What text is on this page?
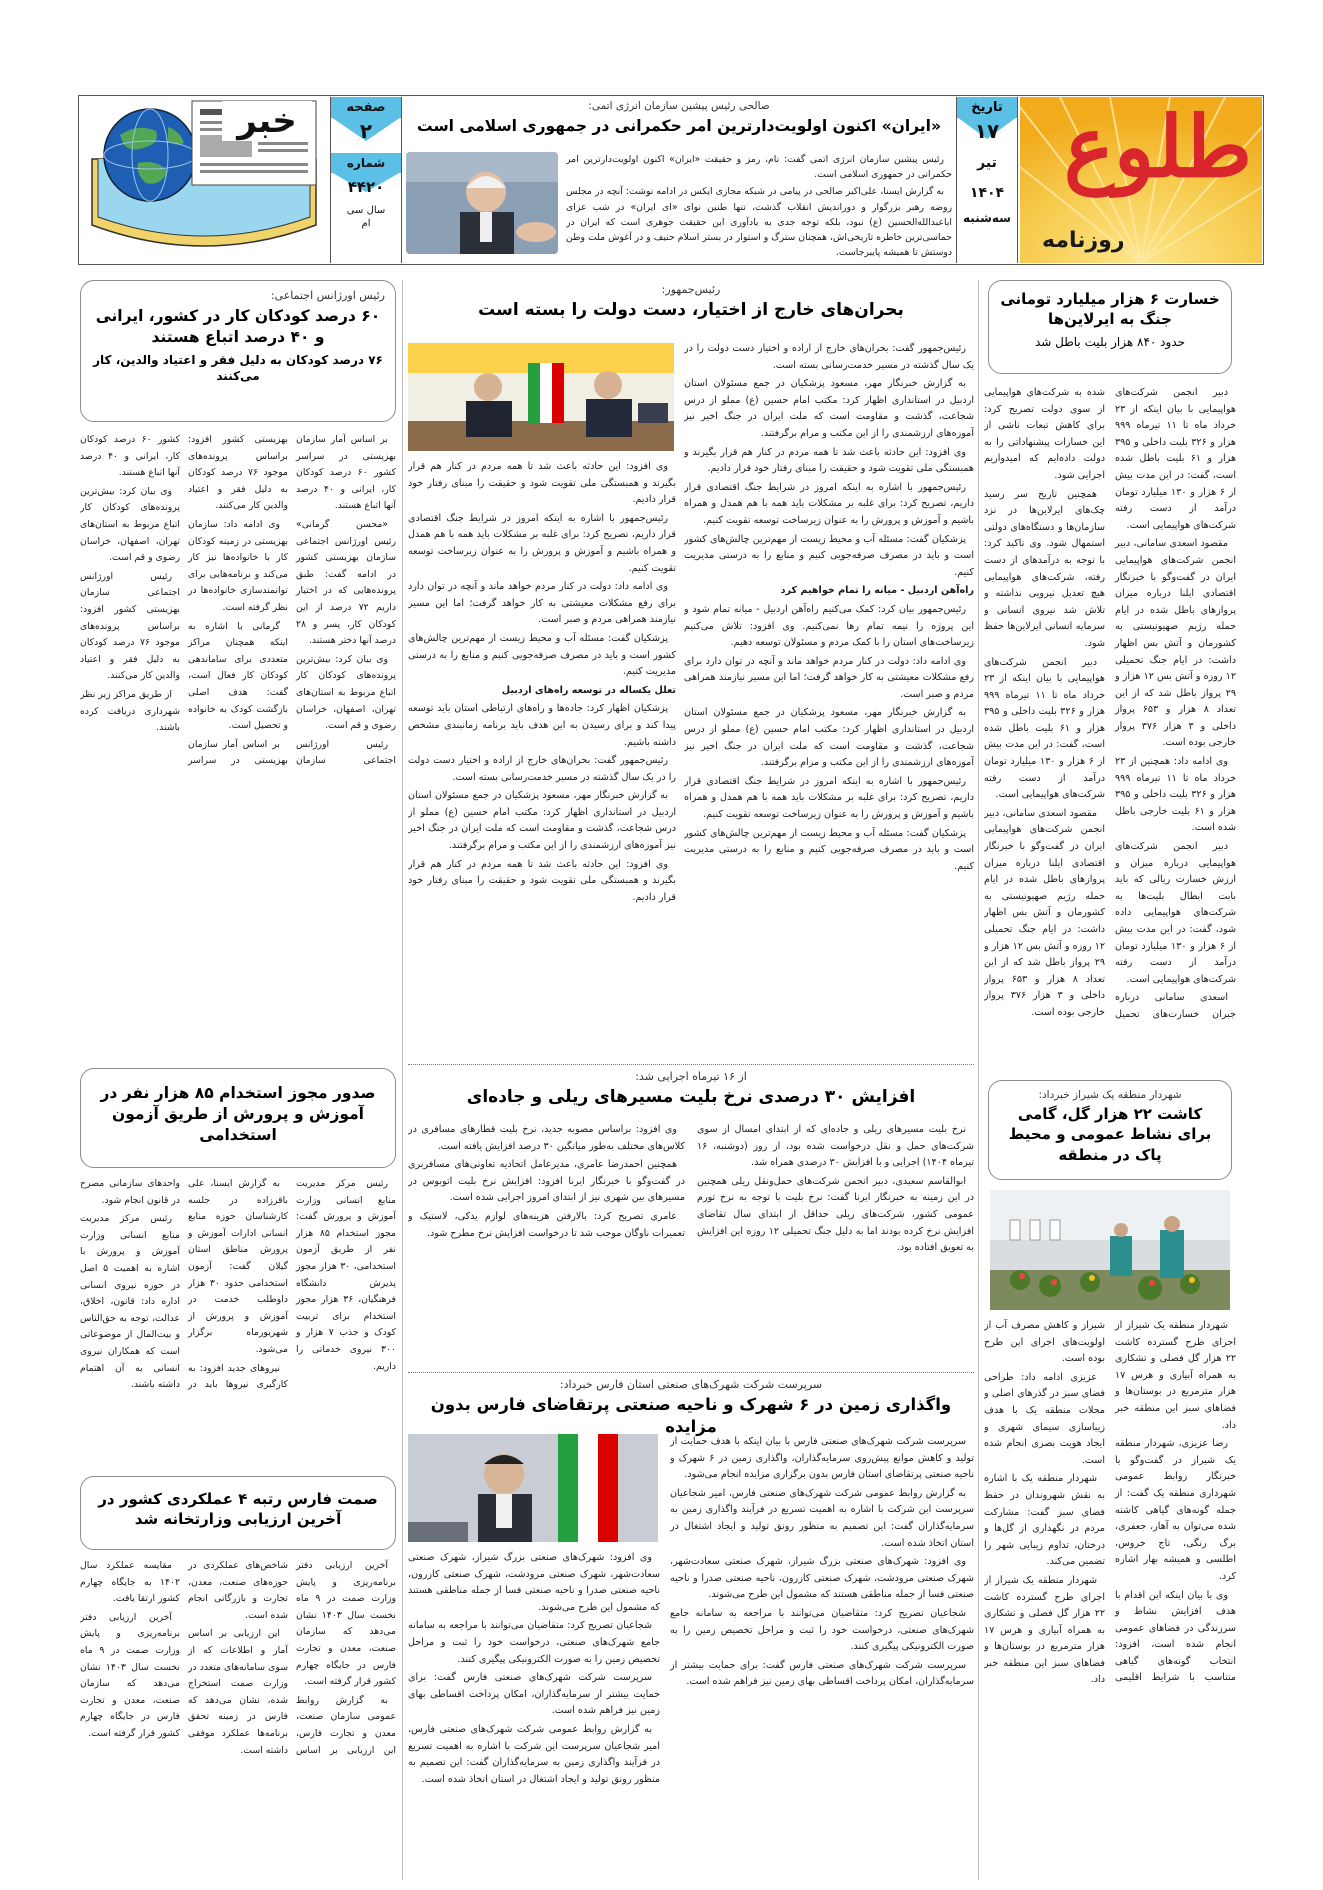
طلوع
روزنامه
تاریخ
۱۷
تیر
۱۴۰۴
سه‌شنبه
صالحی رئیس پیشین سازمان انرژی اتمی:
«ایران» اکنون اولویت‌دارترین امر حکمرانی در جمهوری اسلامی است

رئیس پیشین سازمان انرژی اتمی گفت: نام، رمز و حقیقت «ایران» اکنون اولویت‌دارترین امر حکمرانی در جمهوری اسلامی است.

به گزارش ایسنا، علی‌اکبر صالحی در پیامی در شبکه مجازی ایکس در ادامه نوشت: آنچه در مجلس روضه رهبر بزرگوار و دوراندیش انقلاب گذشت، تنها طنین نوای «ای ایران» در شب عزای اباعبدالله‌الحسین (ع) نبود، بلکه توجه جدی به یادآوری این حقیقت جوهری است که ایران در حماسی‌ترین خاطره تاریخی‌اش، همچنان سترگ و استوار در بستر اسلام حنیف و در آغوش ملت وطن دوستش تا همیشه پایبرجاست.

صفحه
۲
شماره
۴۴۲۰
سال سی ام
خبر
خسارت ۶ هزار میلیارد تومانی جنگ به ایرلاین‌ها
حدود ۸۴۰ هزار بلیت باطل شد

دبیر انجمن شرکت‌های هواپیمایی با بیان اینکه از ۲۳ خرداد ماه تا ۱۱ تیرماه ۹۹۹ هزار و ۳۲۶ بلیت داخلی و ۳۹۵ هزار و ۶۱ بلیت باطل شده است، گفت: در این مدت بیش از ۶ هزار و ۱۳۰ میلیارد تومان درآمد از دست رفته شرکت‌های هواپیمایی است.

مقصود اسعدی سامانی، دبیر انجمن شرکت‌های هواپیمایی ایران در گفت‌وگو با خبرنگار اقتصادی ایلنا درباره میزان پروازهای باطل شده در ایام حمله رژیم صهیونیستی به کشورمان و آتش بس اظهار داشت: در ایام جنگ تحمیلی ۱۲ روزه و آتش بس ۱۲ هزار و ۲۹ پرواز باطل شد که از این تعداد ۸ هزار و ۶۵۳ پرواز داخلی و ۳ هزار ۳۷۶ پرواز خارجی بوده است.

وی ادامه داد: همچنین از ۲۳ خرداد ماه تا ۱۱ تیرماه ۹۹۹ هزار و ۳۲۶ بلیت داخلی و ۳۹۵ هزار و ۶۱ بلیت خارجی باطل شده است.

دبیر انجمن شرکت‌های هواپیمایی درباره میزان و ارزش خسارت ریالی که باید بابت ابطال بلیت‌ها به شرکت‌های هواپیمایی داده شود، گفت: در این مدت بیش از ۶ هزار و ۱۳۰ میلیارد تومان درآمد از دست رفته شرکت‌های هواپیمایی است.

اسعدی سامانی درباره جبران خسارت‌های تحمیل شده به شرکت‌های هواپیمایی از سوی دولت تصریح کرد: برای کاهش تبعات ناشی از این خسارات پیشنهاداتی را به دولت داده‌ایم که امیدواریم اجرایی شود.

همچنین تاریخ سر رسید چک‌های ایرلاین‌ها در نزد سازمان‌ها و دستگاه‌های دولتی استمهال شود. وی تاکید کرد: با توجه به درآمدهای از دست رفته، شرکت‌های هواپیمایی هیچ تعدیل نیرویی نداشته و تلاش شد نیروی انسانی و سرمایه انسانی ایرلاین‌ها حفظ شود.

دبیر انجمن شرکت‌های هواپیمایی با بیان اینکه از ۲۳ خرداد ماه تا ۱۱ تیرماه ۹۹۹ هزار و ۳۲۶ بلیت داخلی و ۳۹۵ هزار و ۶۱ بلیت باطل شده است، گفت: در این مدت بیش از ۶ هزار و ۱۳۰ میلیارد تومان درآمد از دست رفته شرکت‌های هواپیمایی است.

مقصود اسعدی سامانی، دبیر انجمن شرکت‌های هواپیمایی ایران در گفت‌وگو با خبرنگار اقتصادی ایلنا درباره میزان پروازهای باطل شده در ایام حمله رژیم صهیونیستی به کشورمان و آتش بس اظهار داشت: در ایام جنگ تحمیلی ۱۲ روزه و آتش بس ۱۲ هزار و ۲۹ پرواز باطل شد که از این تعداد ۸ هزار و ۶۵۳ پرواز داخلی و ۳ هزار ۳۷۶ پرواز خارجی بوده است.

شهردار منطقه یک شیراز خبرداد:
کاشت ۲۲ هزار گل، گامی برای نشاط عمومی و محیط پاک در منطقه

شهردار منطقه یک شیراز از اجرای طرح گسترده کاشت ۲۲ هزار گل فصلی و تشکاری به همراه آبیاری و هرس ۱۷ هزار مترمربع در بوستان‌ها و فضاهای سبز این منطقه خبر داد.

رضا عزیزی، شهردار منطقه یک شیراز در گفت‌وگو با خبرنگار روابط عمومی شهرداری منطقه یک گفت: از جمله گونه‌های گیاهی کاشته شده می‌توان به آهار، جعفری، برگ رنگی، تاج خروس، اطلسی و همیشه بهار اشاره کرد.

وی با بیان اینکه این اقدام با هدف افزایش نشاط و سرزندگی در فضاهای عمومی انجام شده است، افزود: انتخاب گونه‌های گیاهی متناسب با شرایط اقلیمی شیراز و کاهش مصرف آب از اولویت‌های اجرای این طرح بوده است.

عزیزی ادامه داد: طراحی فضای سبز در گذرهای اصلی و محلات منطقه یک با هدف زیباسازی سیمای شهری و ایجاد هویت بصری انجام شده است.

شهردار منطقه یک با اشاره به نقش شهروندان در حفظ فضای سبز گفت: مشارکت مردم در نگهداری از گل‌ها و درختان، تداوم زیبایی شهر را تضمین می‌کند.

شهردار منطقه یک شیراز از اجرای طرح گسترده کاشت ۲۲ هزار گل فصلی و تشکاری به همراه آبیاری و هرس ۱۷ هزار مترمربع در بوستان‌ها و فضاهای سبز این منطقه خبر داد.

رئیس‌جمهور:
بحران‌های خارج از اختیار، دست دولت را بسته است

رئیس‌جمهور گفت: بحران‌های خارج از اراده و اختیار دست دولت را در یک سال گذشته در مسیر خدمت‌رسانی بسته است.

به گزارش خبرنگار مهر، مسعود پزشکیان در جمع مسئولان استان اردبیل در استانداری اظهار کرد: مکتب امام حسین (ع) مملو از درس شجاعت، گذشت و مقاومت است که ملت ایران در جنگ اخیر نیز آموزه‌های ارزشمندی را از این مکتب و مرام برگرفتند.

وی افزود: این حادثه باعث شد تا همه مردم در کنار هم قرار بگیرند و همبستگی ملی تقویت شود و حقیقت را مبنای رفتار خود قرار دادیم.

رئیس‌جمهور با اشاره به اینکه امروز در شرایط جنگ اقتصادی قرار داریم، تصریح کرد: برای غلبه بر مشکلات باید همه با هم همدل و همراه باشیم و آموزش و پرورش را به عنوان زیرساخت توسعه تقویت کنیم.

پزشکیان گفت: مسئله آب و محیط زیست از مهم‌ترین چالش‌های کشور است و باید در مصرف صرفه‌جویی کنیم و منابع را به درستی مدیریت کنیم.

راه‌آهن اردبیل - میانه را تمام خواهیم کرد

رئیس‌جمهور بیان کرد: کمک می‌کنیم راه‌آهن اردبیل - میانه تمام شود و این پروژه را نیمه تمام رها نمی‌کنیم. وی افزود: تلاش می‌کنیم زیرساخت‌های استان را با کمک مردم و مسئولان توسعه دهیم.

وی ادامه داد: دولت در کنار مردم خواهد ماند و آنچه در توان دارد برای رفع مشکلات معیشتی به کار خواهد گرفت؛ اما این مسیر نیازمند همراهی مردم و صبر است.

به گزارش خبرنگار مهر، مسعود پزشکیان در جمع مسئولان استان اردبیل در استانداری اظهار کرد: مکتب امام حسین (ع) مملو از درس شجاعت، گذشت و مقاومت است که ملت ایران در جنگ اخیر نیز آموزه‌های ارزشمندی را از این مکتب و مرام برگرفتند.

رئیس‌جمهور با اشاره به اینکه امروز در شرایط جنگ اقتصادی قرار داریم، تصریح کرد: برای غلبه بر مشکلات باید همه با هم همدل و همراه باشیم و آموزش و پرورش را به عنوان زیرساخت توسعه تقویت کنیم.

پزشکیان گفت: مسئله آب و محیط زیست از مهم‌ترین چالش‌های کشور است و باید در مصرف صرفه‌جویی کنیم و منابع را به درستی مدیریت کنیم.

وی افزود: این حادثه باعث شد تا همه مردم در کنار هم قرار بگیرند و همبستگی ملی تقویت شود و حقیقت را مبنای رفتار خود قرار دادیم.

رئیس‌جمهور با اشاره به اینکه امروز در شرایط جنگ اقتصادی قرار داریم، تصریح کرد: برای غلبه بر مشکلات باید همه با هم همدل و همراه باشیم و آموزش و پرورش را به عنوان زیرساخت توسعه تقویت کنیم.

وی ادامه داد: دولت در کنار مردم خواهد ماند و آنچه در توان دارد برای رفع مشکلات معیشتی به کار خواهد گرفت؛ اما این مسیر نیازمند همراهی مردم و صبر است.

پزشکیان گفت: مسئله آب و محیط زیست از مهم‌ترین چالش‌های کشور است و باید در مصرف صرفه‌جویی کنیم و منابع را به درستی مدیریت کنیم.

تعلل یکساله در توسعه راه‌های اردبیل

پزشکیان اظهار کرد: جاده‌ها و راه‌های ارتباطی استان باید توسعه پیدا کند و برای رسیدن به این هدف باید برنامه زمانبندی مشخص داشته باشیم.

رئیس‌جمهور گفت: بحران‌های خارج از اراده و اختیار دست دولت را در یک سال گذشته در مسیر خدمت‌رسانی بسته است.

به گزارش خبرنگار مهر، مسعود پزشکیان در جمع مسئولان استان اردبیل در استانداری اظهار کرد: مکتب امام حسین (ع) مملو از درس شجاعت، گذشت و مقاومت است که ملت ایران در جنگ اخیر نیز آموزه‌های ارزشمندی را از این مکتب و مرام برگرفتند.

وی افزود: این حادثه باعث شد تا همه مردم در کنار هم قرار بگیرند و همبستگی ملی تقویت شود و حقیقت را مبنای رفتار خود قرار دادیم.

رئیس اورژانس اجتماعی:
۶۰ درصد کودکان کار در کشور، ایرانی و ۴۰ درصد اتباع هستند
۷۶ درصد کودکان به دلیل فقر و اعتیاد والدین، کار می‌کنند

بر اساس آمار سازمان بهزیستی در سراسر کشور ۶۰ درصد کودکان کار، ایرانی و ۴۰ درصد آنها اتباع هستند.

«محسن گرمانی» رئیس اورژانس اجتماعی سازمان بهزیستی کشور در ادامه گفت: طبق پرونده‌هایی که در اختیار داریم ۷۲ درصد از این کودکان کار، پسر و ۲۸ درصد آنها دختر هستند.

وی بیان کرد: بیش‌ترین پرونده‌های کودکان کار اتباع مربوط به استان‌های تهران، اصفهان، خراسان رضوی و قم است.

رئیس اورژانس اجتماعی سازمان بهزیستی کشور افزود: براساس پرونده‌های موجود ۷۶ درصد کودکان به دلیل فقر و اعتیاد والدین کار می‌کنند.

وی ادامه داد: سازمان بهزیستی در زمینه کودکان کار با خانواده‌ها نیز کار می‌کند و برنامه‌هایی برای توانمندسازی خانواده‌ها در نظر گرفته است.

گرمانی با اشاره به اینکه همچنان مراکز متعددی برای ساماندهی کودکان کار فعال است، گفت: هدف اصلی بازگشت کودک به خانواده و تحصیل است.

بر اساس آمار سازمان بهزیستی در سراسر کشور ۶۰ درصد کودکان کار، ایرانی و ۴۰ درصد آنها اتباع هستند.

وی بیان کرد: بیش‌ترین پرونده‌های کودکان کار اتباع مربوط به استان‌های تهران، اصفهان، خراسان رضوی و قم است.

رئیس اورژانس اجتماعی سازمان بهزیستی کشور افزود: براساس پرونده‌های موجود ۷۶ درصد کودکان به دلیل فقر و اعتیاد والدین کار می‌کنند.

از طریق مراکز زیر نظر شهرداری دریافت کرده باشند.

صدور مجوز استخدام ۸۵ هزار نفر در آموزش و پرورش از طریق آزمون استخدامی

رئیس مرکز مدیریت منابع انسانی وزارت آموزش و پرورش گفت: مجوز استخدام ۸۵ هزار نفر از طریق آزمون استخدامی، ۳۰ هزار مجوز پذیرش دانشگاه فرهنگیان، ۳۶ هزار مجوز استخدام برای تربیت کودک و جذب ۷ هزار و ۳۰۰ نیروی خدماتی را داریم.

به گزارش ایسنا، علی باقرزاده در جلسه کارشناسان حوزه منابع انسانی ادارات آموزش و پرورش مناطق استان گیلان گفت: آزمون استخدامی حدود ۳۰ هزار داوطلب خدمت در آموزش و پرورش از شهریورماه برگزار می‌شود.

نیروهای جدید افزود: به کارگیری نیروها باید در واحدهای سازمانی مصرح در قانون انجام شود.

رئیس مرکز مدیریت منابع انسانی وزارت آموزش و پرورش با اشاره به اهمیت ۵ اصل در حوزه نیروی انسانی اداره داد: قانون، اخلاق، عدالت، توجه به حق‌الناس و بیت‌المال از موضوعاتی است که همکاران نیروی انسانی به آن اهتمام داشته باشند.

صمت فارس رتبه ۴ عملکردی کشور در آخرین ارزیابی وزارتخانه شد

آخرین ارزیابی دفتر برنامه‌ریزی و پایش وزارت صمت در ۹ ماه نخست سال ۱۴۰۳ نشان می‌دهد که سازمان صنعت، معدن و تجارت فارس در جایگاه چهارم کشور قرار گرفته است.

به گزارش روابط عمومی سازمان صنعت، معدن و تجارت فارس، این ارزیابی بر اساس شاخص‌های عملکردی در حوزه‌های صنعت، معدن، تجارت و بازرگانی انجام شده است.

این ارزیابی بر اساس آمار و اطلاعات که از سوی سامانه‌های متعدد در وزارت صمت استخراج شده، نشان می‌دهد که فارس در زمینه تحقق برنامه‌ها عملکرد موفقی داشته است.

مقایسه عملکرد سال ۱۴۰۲ به جایگاه چهارم کشور ارتقا یافت.

آخرین ارزیابی دفتر برنامه‌ریزی و پایش وزارت صمت در ۹ ماه نخست سال ۱۴۰۳ نشان می‌دهد که سازمان صنعت، معدن و تجارت فارس در جایگاه چهارم کشور قرار گرفته است.

از ۱۶ تیرماه اجرایی شد:
افزایش ۳۰ درصدی نرخ بلیت مسیرهای ریلی و جاده‌ای

نرخ بلیت مسیرهای ریلی و جاده‌ای که از ابتدای امسال از سوی شرکت‌های حمل و نقل درخواست شده بود، از روز (دوشنبه، ۱۶ تیرماه ۱۴۰۴) اجرایی و با افزایش ۳۰ درصدی همراه شد.

ابوالقاسم سعیدی، دبیر انجمن شرکت‌های حمل‌ونقل ریلی همچنین در این زمینه به خبرنگار ایرنا گفت: نرخ بلیت با توجه به نرخ تورم عمومی کشور، شرکت‌های ریلی حداقل از ابتدای سال تقاضای افزایش نرخ کرده بودند اما به دلیل جنگ تحمیلی ۱۲ روزه این افزایش به تعویق افتاده بود.

وی افزود: براساس مصوبه جدید، نرخ بلیت قطارهای مسافری در کلاس‌های مختلف به‌طور میانگین ۳۰ درصد افزایش یافته است.

همچنین احمدرضا عامری، مدیرعامل اتحادیه تعاونی‌های مسافربری در گفت‌وگو با خبرنگار ایرنا افزود: افزایش نرخ بلیت اتوبوس در مسیرهای بین شهری نیز از ابتدای امروز اجرایی شده است.

عامری تصریح کرد: بالارفتن هزینه‌های لوازم یدکی، لاستیک و تعمیرات ناوگان موجب شد تا درخواست افزایش نرخ مطرح شود.

سرپرست شرکت شهرک‌های صنعتی استان فارس خبرداد:
واگذاری زمین در ۶ شهرک و ناحیه صنعتی پرتقاضای فارس بدون مزایده

سرپرست شرکت شهرک‌های صنعتی فارس با بیان اینکه با هدف حمایت از تولید و کاهش موانع پیش‌روی سرمایه‌گذاران، واگذاری زمین در ۶ شهرک و ناحیه صنعتی پرتقاضای استان فارس بدون برگزاری مزایده انجام می‌شود.

به گزارش روابط عمومی شرکت شهرک‌های صنعتی فارس، امیر شجاعیان سرپرست این شرکت با اشاره به اهمیت تسریع در فرآیند واگذاری زمین به سرمایه‌گذاران گفت: این تصمیم به منظور رونق تولید و ایجاد اشتغال در استان اتخاذ شده است.

وی افزود: شهرک‌های صنعتی بزرگ شیراز، شهرک صنعتی سعادت‌شهر، شهرک صنعتی مرودشت، شهرک صنعتی کازرون، ناحیه صنعتی صدرا و ناحیه صنعتی فسا از جمله مناطقی هستند که مشمول این طرح می‌شوند.

شجاعیان تصریح کرد: متقاضیان می‌توانند با مراجعه به سامانه جامع شهرک‌های صنعتی، درخواست خود را ثبت و مراحل تخصیص زمین را به صورت الکترونیکی پیگیری کنند.

سرپرست شرکت شهرک‌های صنعتی فارس گفت: برای حمایت بیشتر از سرمایه‌گذاران، امکان پرداخت اقساطی بهای زمین نیز فراهم شده است.

وی افزود: شهرک‌های صنعتی بزرگ شیراز، شهرک صنعتی سعادت‌شهر، شهرک صنعتی مرودشت، شهرک صنعتی کازرون، ناحیه صنعتی صدرا و ناحیه صنعتی فسا از جمله مناطقی هستند که مشمول این طرح می‌شوند.

شجاعیان تصریح کرد: متقاضیان می‌توانند با مراجعه به سامانه جامع شهرک‌های صنعتی، درخواست خود را ثبت و مراحل تخصیص زمین را به صورت الکترونیکی پیگیری کنند.

سرپرست شرکت شهرک‌های صنعتی فارس گفت: برای حمایت بیشتر از سرمایه‌گذاران، امکان پرداخت اقساطی بهای زمین نیز فراهم شده است.

به گزارش روابط عمومی شرکت شهرک‌های صنعتی فارس، امیر شجاعیان سرپرست این شرکت با اشاره به اهمیت تسریع در فرآیند واگذاری زمین به سرمایه‌گذاران گفت: این تصمیم به منظور رونق تولید و ایجاد اشتغال در استان اتخاذ شده است.
